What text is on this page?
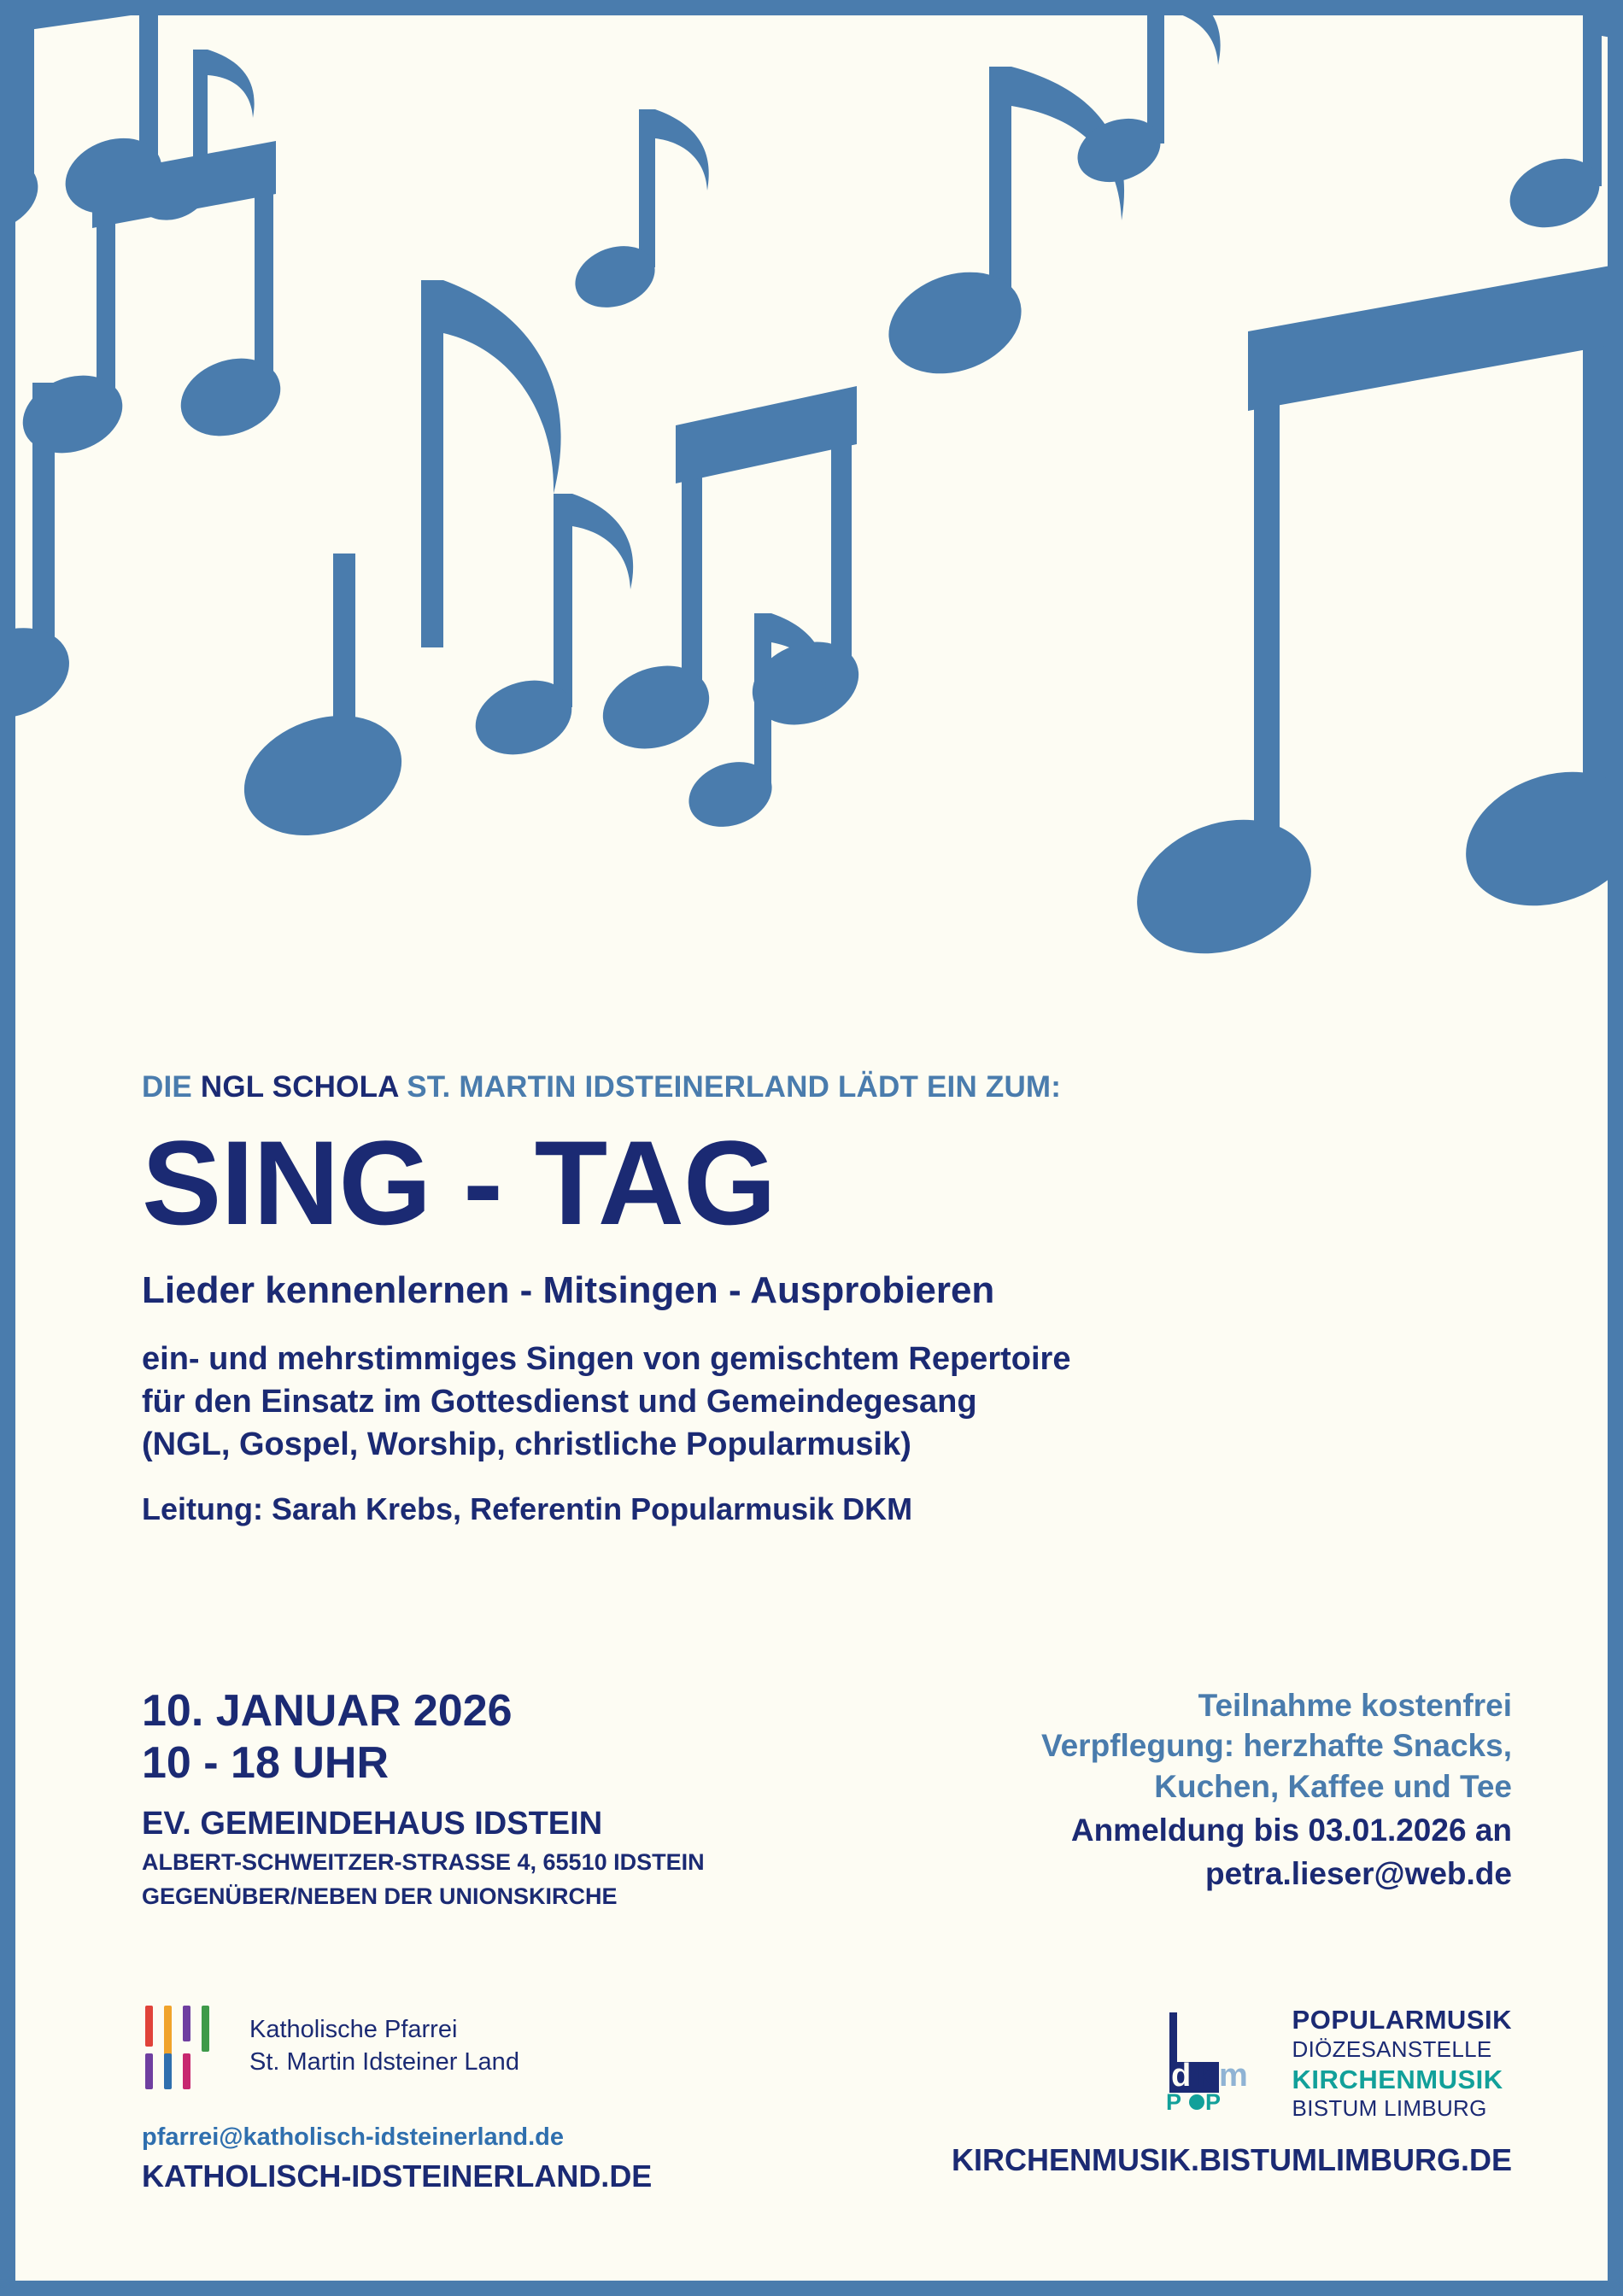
DIE NGL SCHOLA ST. MARTIN IDSTEINERLAND LÄDT EIN ZUM:
SING - TAG
Lieder kennenlernen - Mitsingen - Ausprobieren
ein- und mehrstimmiges Singen von gemischtem Repertoire
für den Einsatz im Gottesdienst und Gemeindegesang
(NGL, Gospel, Worship, christliche Popularmusik)
Leitung: Sarah Krebs, Referentin Popularmusik DKM
10. JANUAR 2026
10 - 18 UHR
EV. GEMEINDEHAUS IDSTEIN
ALBERT-SCHWEITZER-STRASSE 4, 65510 IDSTEIN
GEGENÜBER/NEBEN DER UNIONSKIRCHE
Teilnahme kostenfrei
Verpflegung: herzhafte Snacks,
Kuchen, Kaffee und Tee
Anmeldung bis 03.01.2026 an
petra.lieser@web.de
Katholische Pfarrei
St. Martin Idsteiner Land
pfarrei@katholisch-idsteinerland.de
KATHOLISCH-IDSTEINERLAND.DE
d k m
P P
POPULARMUSIK
DIÖZESANSTELLE
KIRCHENMUSIK
BISTUM LIMBURG
KIRCHENMUSIK.BISTUMLIMBURG.DE
